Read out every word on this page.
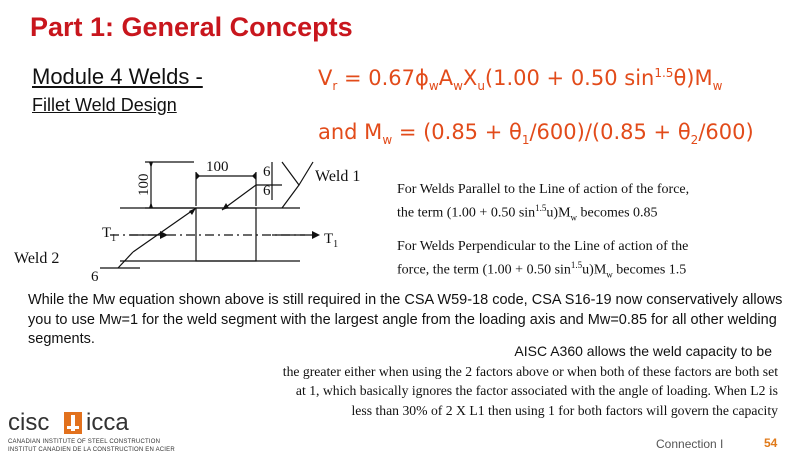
Part 1: General Concepts
Module 4 Welds -
Fillet Weld Design
$V_r = 0.67\phi_wA_wX_u(1.00 + 0.50$ $\sin^{1.5}\theta)M_w$
and $M_w = (0.85 + \theta_1/600)/(0.85 + \theta_2/600)$
100
100
6
6
Weld 1
Weld 2
6
$T_1$	$T_1$
For Welds Parallel to the Line of action of the force,
the term (1.00 + 0.50 $\sin^{1.5}u)M_w$ becomes 0.85
For Welds Perpendicular to the Line of action of the
force, the term (1.00 + 0.50 $\sin^{1.5}u)M_w$ becomes 1.5
While the Mw equation shown above is still required in the CSA W59-18 code, CSA S16-19 now conservatively allows you to use Mw=1 for the weld segment with the largest angle from the loading axis and Mw=0.85 for all other welding segments.
AISC A360 allows the weld capacity to be
the greater either when using the 2 factors above or when both of these factors are both set
at 1, which basically ignores the factor associated with the angle of loading. When L2 is
less than 30% of 2 X L1 then using 1 for both factors will govern the capacity
cisc icca
CANADIAN INSTITUTE OF STEEL CONSTRUCTION
INSTITUT CANADIEN DE LA CONSTRUCTION EN ACIER	Connection I	54
